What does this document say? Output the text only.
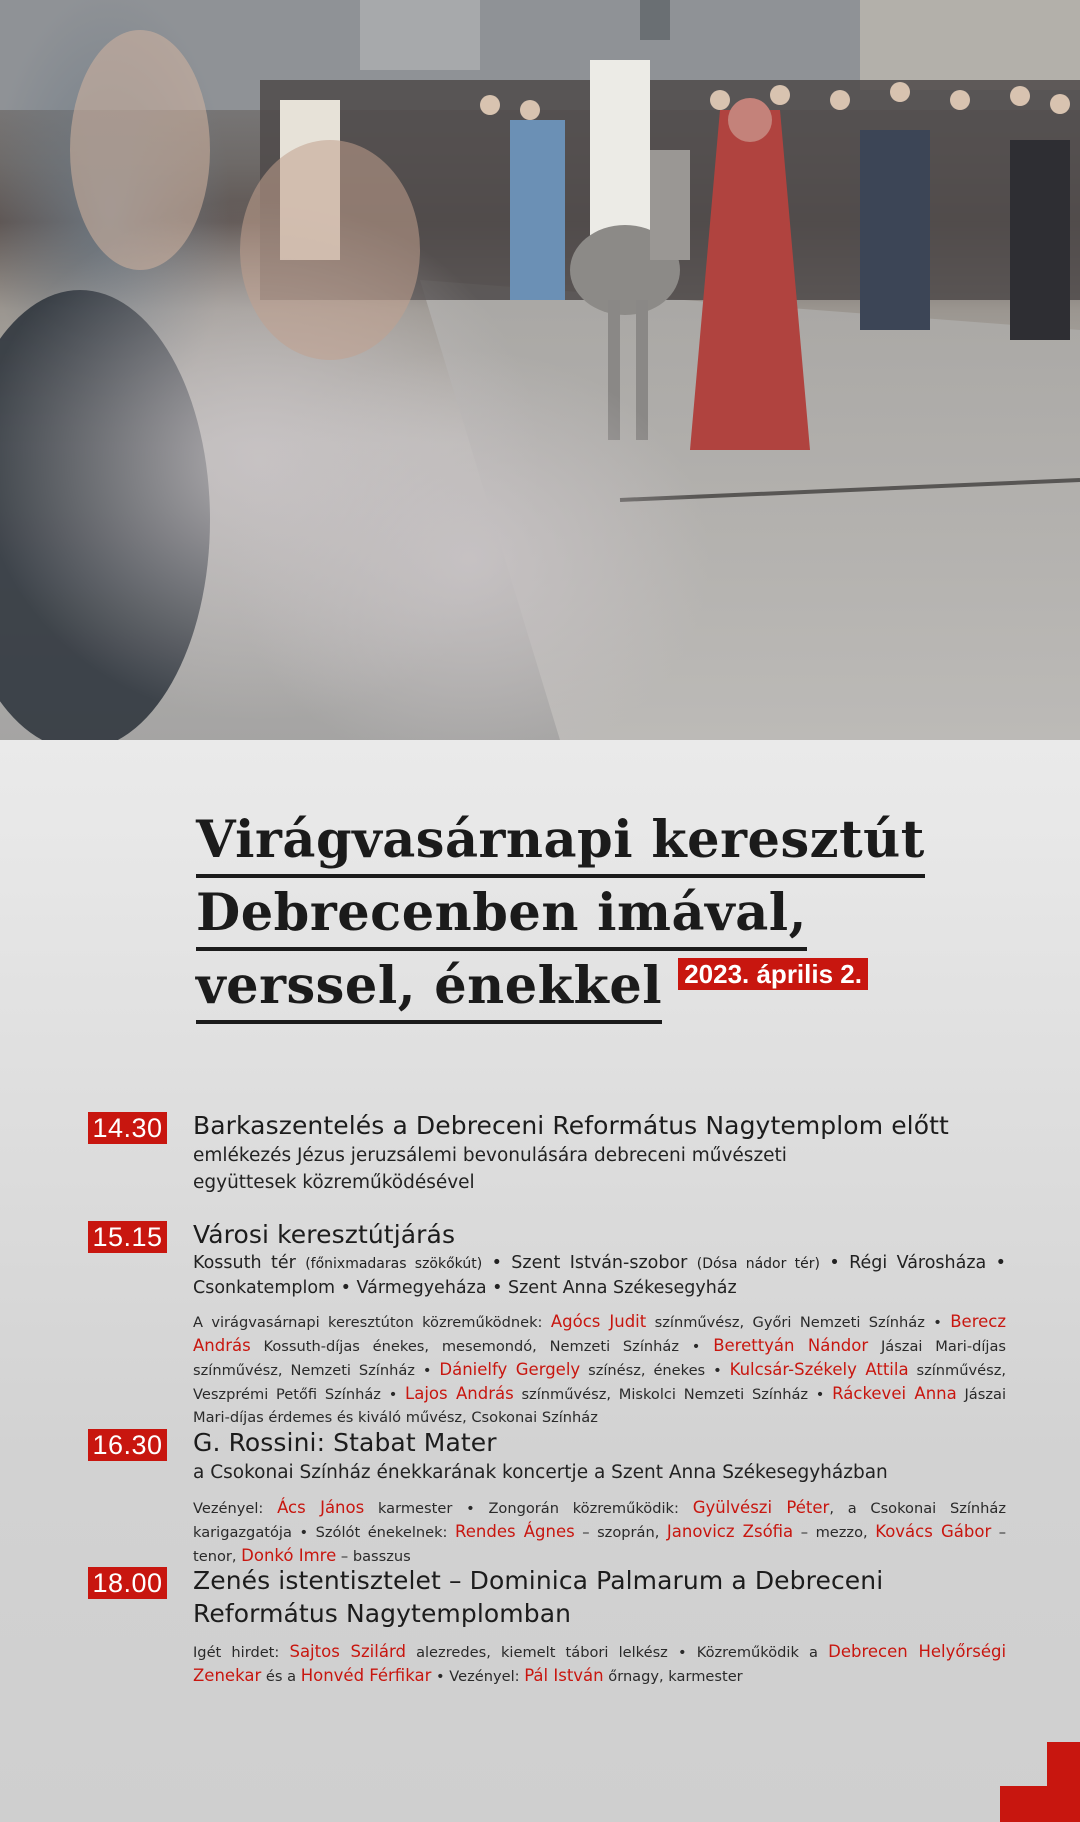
Virágvasárnapi keresztút
Debrecenben imával,
verssel, énekkel 2023. április 2.
14.30 Barkaszentelés a Debreceni Református Nagytemplom előtt
emlékezés Jézus jeruzsálemi bevonulására debreceni művészeti együttesek közreműködésével
15.15 Városi keresztútjárás
Kossuth tér (főnixmadaras szökőkút) • Szent István-szobor (Dósa nádor tér) • Régi Városháza • Csonkatemplom • Vármegyeháza • Szent Anna Székesegyház
A virágvasárnapi keresztúton közreműködnek: Agócs Judit színművész, Győri Nemzeti Színház • Berecz András Kossuth-díjas énekes, mesemondó, Nemzeti Színház • Berettyán Nándor Jászai Mari-díjas színművész, Nemzeti Színház • Dánielfy Gergely színész, énekes • Kulcsár-Székely Attila színművész, Veszprémi Petőfi Színház • Lajos András színművész, Miskolci Nemzeti Színház • Ráckevei Anna Jászai Mari-díjas érdemes és kiváló művész, Csokonai Színház
16.30 G. Rossini: Stabat Mater
a Csokonai Színház énekkarának koncertje a Szent Anna Székesegyházban
Vezényel: Ács János karmester • Zongorán közreműködik: Gyülvészi Péter, a Csokonai Színház karigazgatója • Szólót énekelnek: Rendes Ágnes – szoprán, Janovicz Zsófia – mezzo, Kovács Gábor – tenor, Donkó Imre – basszus
18.00 Zenés istentisztelet – Dominica Palmarum a Debreceni Református Nagytemplomban
Igét hirdet: Sajtos Szilárd alezredes, kiemelt tábori lelkész • Közreműködik a Debrecen Helyőrségi Zenekar és a Honvéd Férfikar • Vezényel: Pál István őrnagy, karmester
